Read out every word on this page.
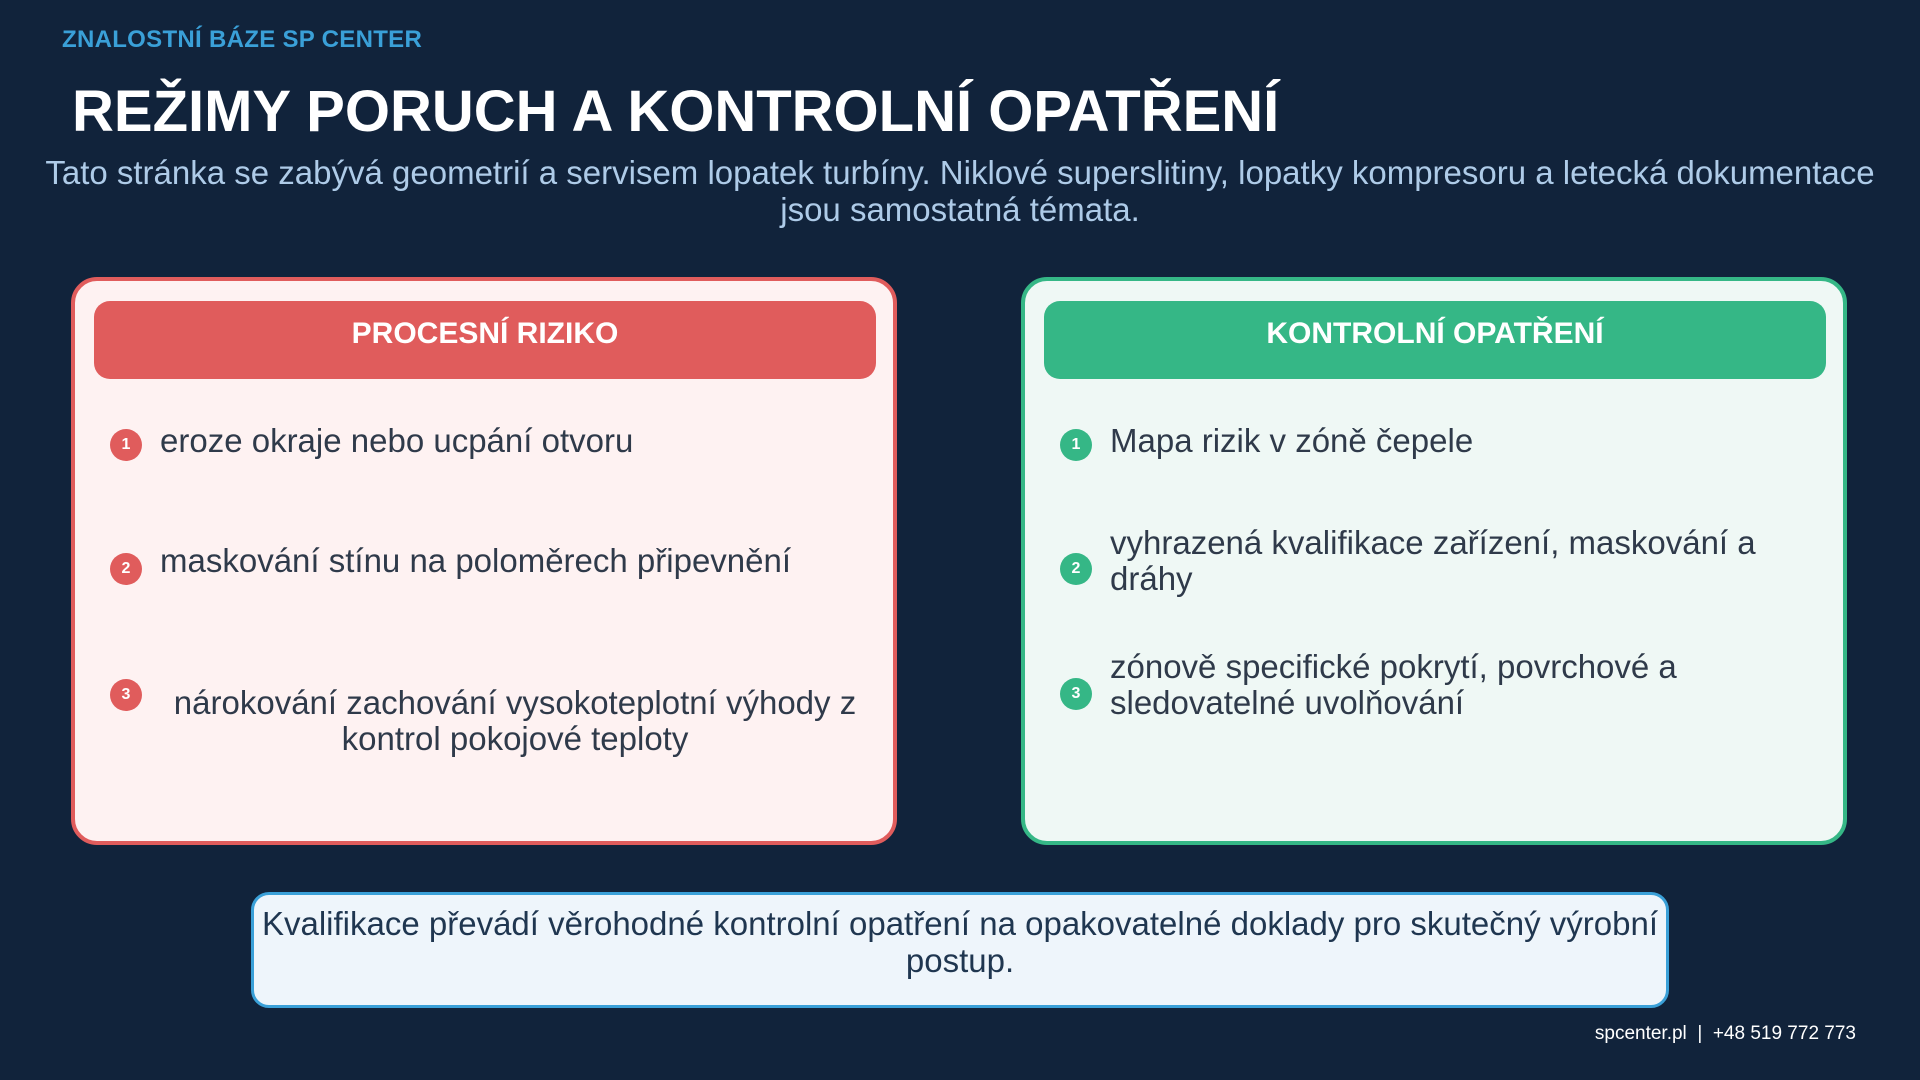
ZNALOSTNÍ BÁZE SP CENTER
REŽIMY PORUCH A KONTROLNÍ OPATŘENÍ
Tato stránka se zabývá geometrií a servisem lopatek turbíny. Niklové superslitiny, lopatky kompresoru a letecká dokumentace
jsou samostatná témata.
PROCESNÍ RIZIKO
1 eroze okraje nebo ucpání otvoru
2 maskování stínu na poloměrech připevnění
3	nárokování zachování vysokoteplotní výhody z kontrol pokojové teploty
KONTROLNÍ OPATŘENÍ
1 Mapa rizik v zóně čepele
2
vyhrazená kvalifikace zařízení, maskování a dráhy
3
zónově specifické pokrytí, povrchové a sledovatelné uvolňování
Kvalifikace převádí věrohodné kontrolní opatření na opakovatelné doklady pro skutečný výrobní postup.
spcenter.pl  |  +48 519 772 773
